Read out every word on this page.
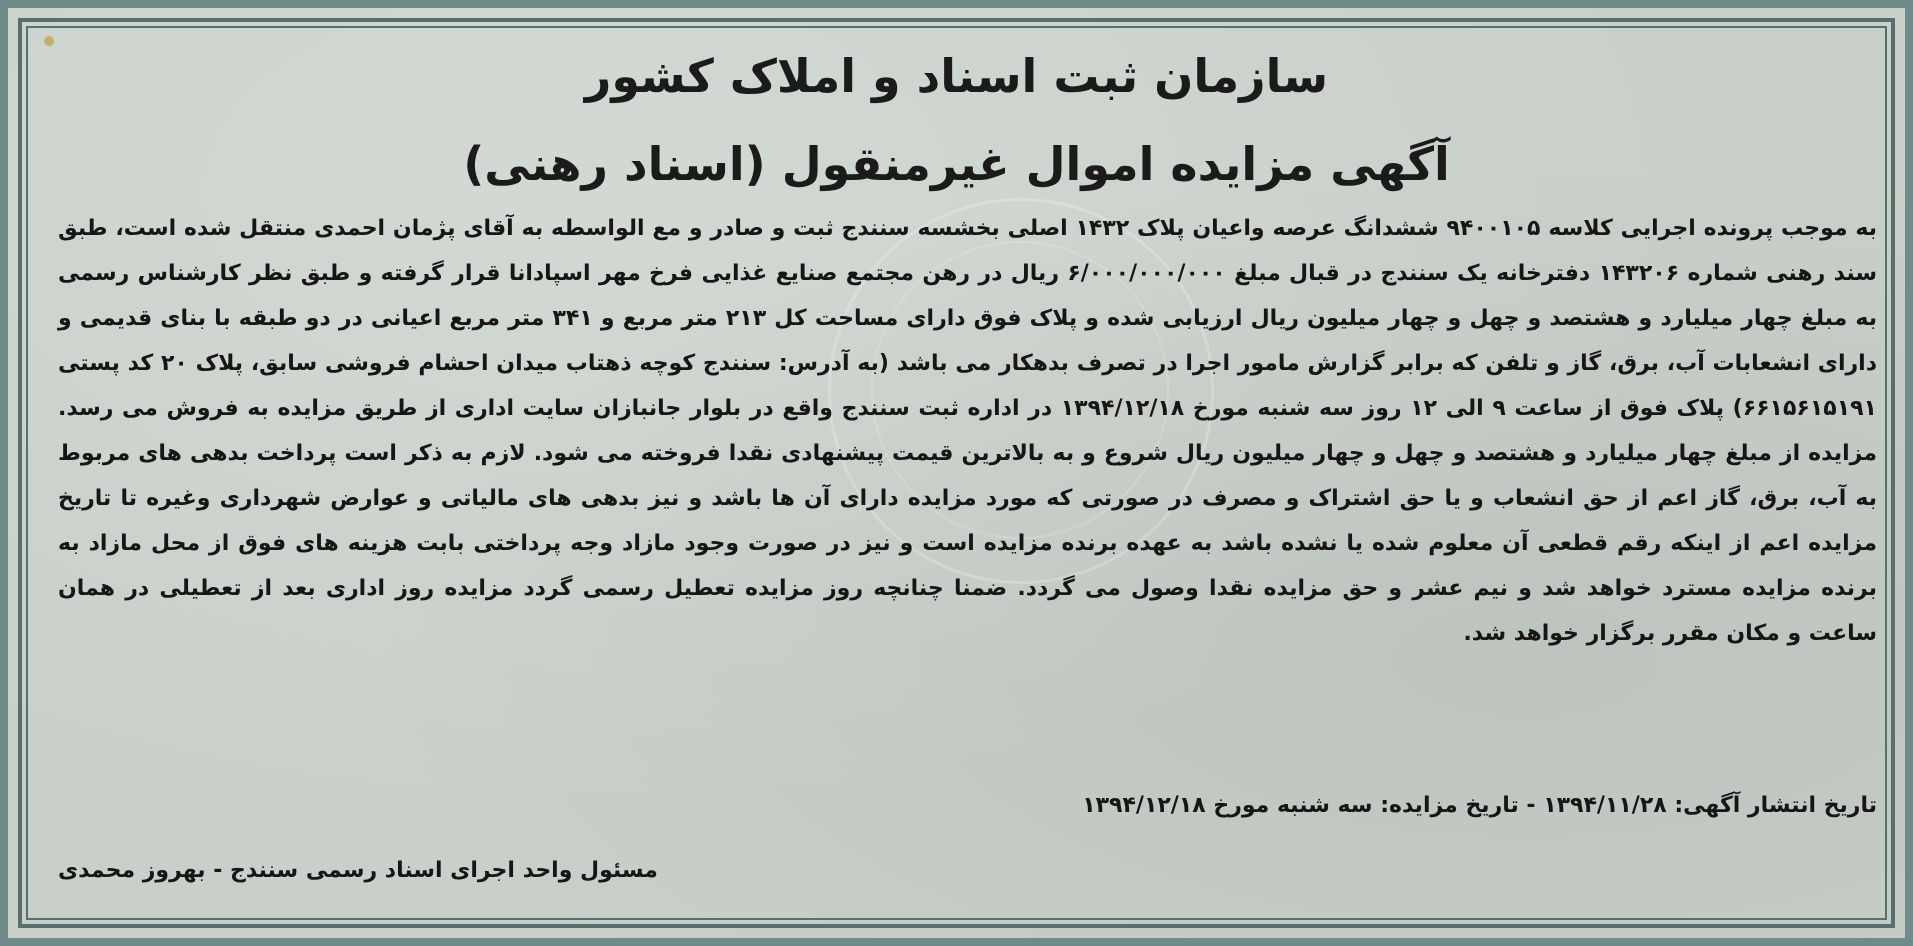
سازمان ثبت اسناد و املاک کشور
آگهی مزایده اموال غیرمنقول (اسناد رهنی)
به موجب پرونده اجرایی کلاسه ۹۴۰۰۱۰۵ ششدانگ عرصه واعیان پلاک ۱۴۳۲ اصلی بخشسه سنندج ثبت و صادر و مع الواسطه به آقای پژمان احمدی منتقل شده است، طبق سند رهنی شماره ۱۴۳۲۰۶ دفترخانه یک سنندج در قبال مبلغ ۶/۰۰۰/۰۰۰/۰۰۰ ریال در رهن مجتمع صنایع غذایی فرخ مهر اسپادانا قرار گرفته و طبق نظر کارشناس رسمی به مبلغ چهار میلیارد و هشتصد و چهل و چهار میلیون ریال ارزیابی شده و پلاک فوق دارای مساحت کل ۲۱۳ متر مربع و ۳۴۱ متر مربع اعیانی در دو طبقه با بنای قدیمی و دارای انشعابات آب، برق، گاز و تلفن که برابر گزارش مامور اجرا در تصرف بدهکار می باشد (به آدرس: سنندج کوچه ذهتاب میدان احشام فروشی سابق، پلاک ۲۰ کد پستی ۶۶۱۵۶۱۵۱۹۱) پلاک فوق از ساعت ۹ الی ۱۲ روز سه شنبه مورخ ۱۳۹۴/۱۲/۱۸ در اداره ثبت سنندج واقع در بلوار جانبازان سایت اداری از طریق مزایده به فروش می رسد. مزایده از مبلغ چهار میلیارد و هشتصد و چهل و چهار میلیون ریال شروع و به بالاترین قیمت پیشنهادی نقدا فروخته می شود. لازم به ذکر است پرداخت بدهی های مربوط به آب، برق، گاز اعم از حق انشعاب و یا حق اشتراک و مصرف در صورتی که مورد مزایده دارای آن ها باشد و نیز بدهی های مالیاتی و عوارض شهرداری وغیره تا تاریخ مزایده اعم از اینکه رقم قطعی آن معلوم شده یا نشده باشد به عهده برنده مزایده است و نیز در صورت وجود مازاد وجه پرداختی بابت هزینه های فوق از محل مازاد به برنده مزایده مسترد خواهد شد و نیم عشر و حق مزایده نقدا وصول می گردد. ضمنا چنانچه روز مزایده تعطیل رسمی گردد مزایده روز اداری بعد از تعطیلی در همان ساعت و مکان مقرر برگزار خواهد شد.
تاریخ انتشار آگهی: ۱۳۹۴/۱۱/۲۸ - تاریخ مزایده: سه شنبه مورخ ۱۳۹۴/۱۲/۱۸
مسئول واحد اجرای اسناد رسمی سنندج - بهروز محمدی
